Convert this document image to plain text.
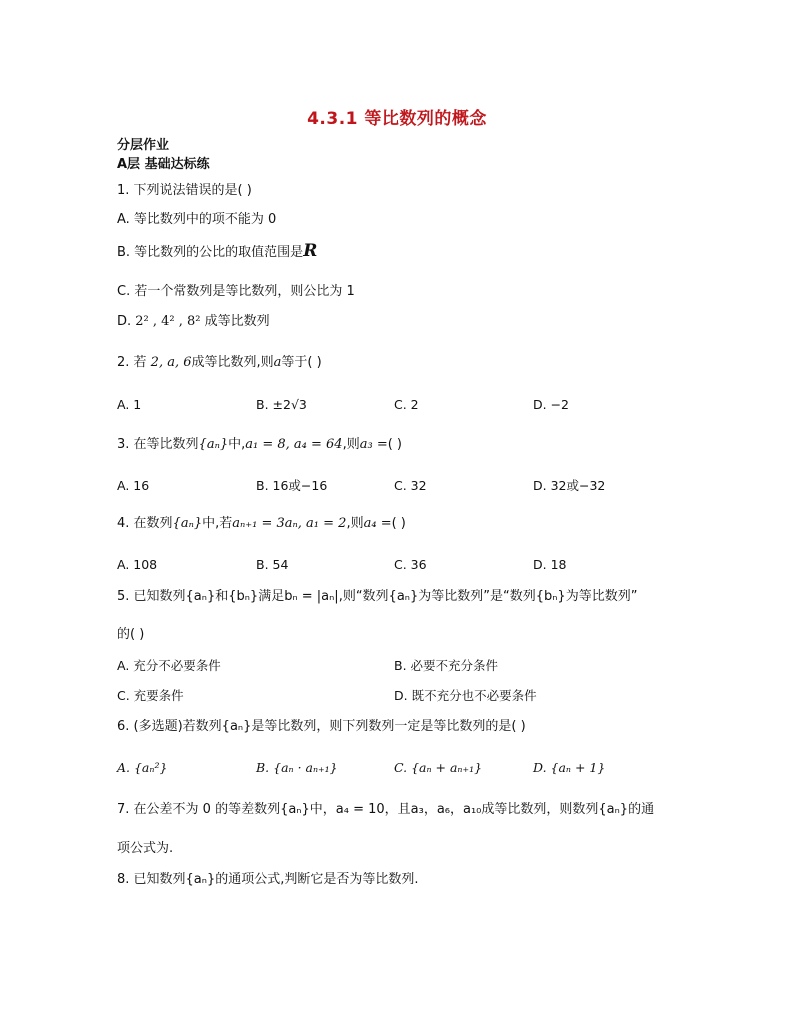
4.3.1 等比数列的概念
分层作业
A层 基础达标练
1. 下列说法错误的是( )
A. 等比数列中的项不能为 0
B. 等比数列的公比的取值范围是R
C. 若一个常数列是等比数列，则公比为 1
D. 2² , 4² , 8² 成等比数列
2. 若 2, a, 6成等比数列,则a等于( )
A. 1	B. ±2√3	C. 2	D. −2
3. 在等比数列{aₙ}中,a₁ = 8, a₄ = 64,则a₃ =( )
A. 16	B. 16或−16	C. 32	D. 32或−32
4. 在数列{aₙ}中,若aₙ₊₁ = 3aₙ, a₁ = 2,则a₄ =( )
A. 108	B. 54	C. 36	D. 18
5. 已知数列{aₙ}和{bₙ}满足bₙ = |aₙ|,则“数列{aₙ}为等比数列”是“数列{bₙ}为等比数列”
的( )
A. 充分不必要条件	B. 必要不充分条件
C. 充要条件	D. 既不充分也不必要条件
6. (多选题)若数列{aₙ}是等比数列，则下列数列一定是等比数列的是( )
A. {aₙ²}	B. {aₙ · aₙ₊₁}	C. {aₙ + aₙ₊₁}	D. {aₙ + 1}
7. 在公差不为 0 的等差数列{aₙ}中，a₄ = 10，且a₃，a₆，a₁₀成等比数列，则数列{aₙ}的通
项公式为.
8. 已知数列{aₙ}的通项公式,判断它是否为等比数列.
